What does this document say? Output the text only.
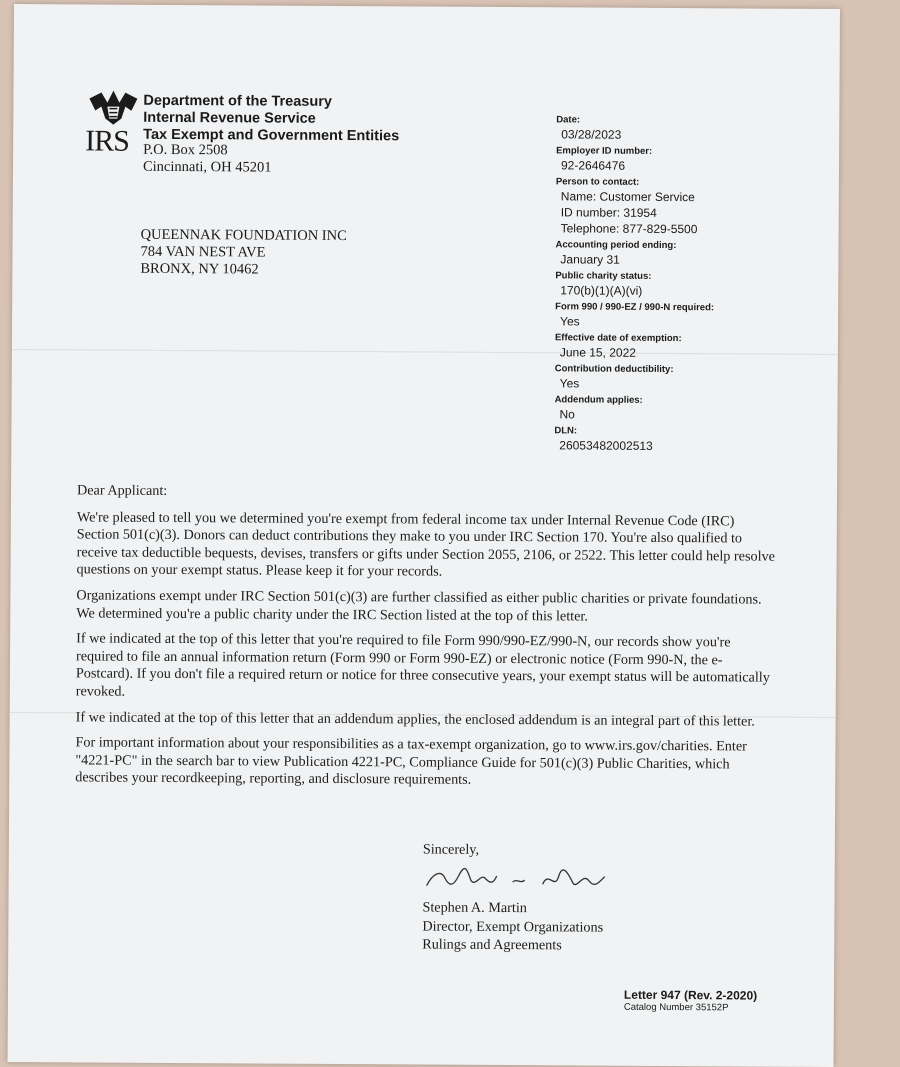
IRS
Department of the Treasury
Internal Revenue Service
Tax Exempt and Government Entities
P.O. Box 2508
Cincinnati, OH 45201
QUEENNAK FOUNDATION INC
784 VAN NEST AVE
BRONX, NY 10462
Date:
03/28/2023
Employer ID number:
92-2646476
Person to contact:
Name: Customer Service
ID number: 31954
Telephone: 877-829-5500
Accounting period ending:
January 31
Public charity status:
170(b)(1)(A)(vi)
Form 990 / 990-EZ / 990-N required:
Yes
Effective date of exemption:
June 15, 2022
Contribution deductibility:
Yes
Addendum applies:
No
DLN:
26053482002513

Dear Applicant:

We're pleased to tell you we determined you're exempt from federal income tax under Internal Revenue Code (IRC) Section 501(c)(3). Donors can deduct contributions they make to you under IRC Section 170. You're also qualified to receive tax deductible bequests, devises, transfers or gifts under Section 2055, 2106, or 2522. This letter could help resolve questions on your exempt status. Please keep it for your records.

Organizations exempt under IRC Section 501(c)(3) are further classified as either public charities or private foundations. We determined you're a public charity under the IRC Section listed at the top of this letter.

If we indicated at the top of this letter that you're required to file Form 990/990-EZ/990-N, our records show you're required to file an annual information return (Form 990 or Form 990-EZ) or electronic notice (Form 990-N, the e-Postcard). If you don't file a required return or notice for three consecutive years, your exempt status will be automatically revoked.

If we indicated at the top of this letter that an addendum applies, the enclosed addendum is an integral part of this letter.

For important information about your responsibilities as a tax-exempt organization, go to www.irs.gov/charities. Enter "4221-PC" in the search bar to view Publication 4221-PC, Compliance Guide for 501(c)(3) Public Charities, which describes your recordkeeping, reporting, and disclosure requirements.

Sincerely,
Stephen A. Martin
Director, Exempt Organizations
Rulings and Agreements
Letter 947 (Rev. 2-2020)
Catalog Number 35152P
